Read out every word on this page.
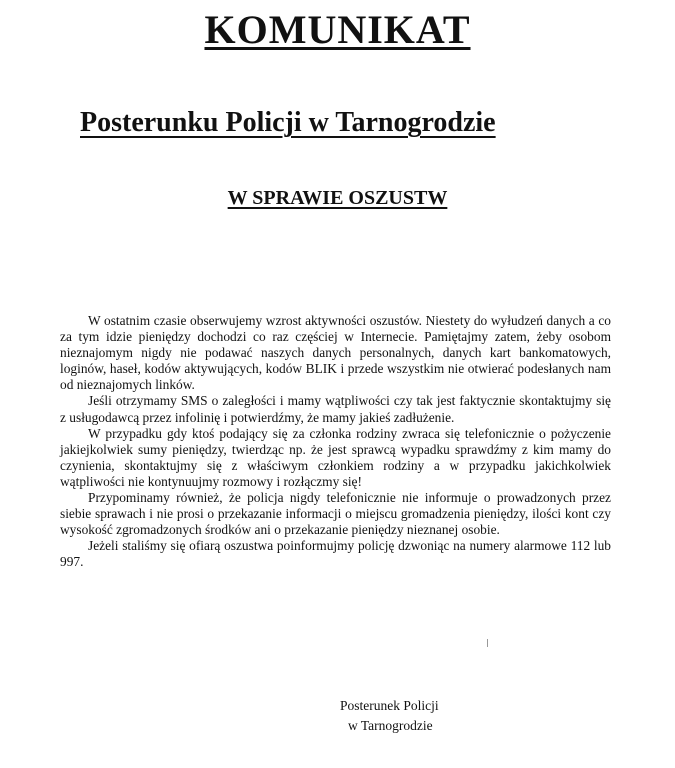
KOMUNIKAT
Posterunku Policji w Tarnogrodzie
W SPRAWIE OSZUSTW

W ostatnim czasie obserwujemy wzrost aktywności oszustów. Niestety do wyłudzeń danych a co za tym idzie pieniędzy dochodzi co raz częściej w Internecie. Pamiętajmy zatem, żeby osobom nieznajomym nigdy nie podawać naszych danych personalnych, danych kart bankomatowych, loginów, haseł, kodów aktywujących, kodów BLIK i przede wszystkim nie otwierać podesłanych nam od nieznajomych linków.

Jeśli otrzymamy SMS o zaległości i mamy wątpliwości czy tak jest faktycznie skontaktujmy się z usługodawcą przez infolinię i potwierdźmy, że mamy jakieś zadłużenie.

W przypadku gdy ktoś podający się za członka rodziny zwraca się telefonicznie o pożyczenie jakiejkolwiek sumy pieniędzy, twierdząc np. że jest sprawcą wypadku sprawdźmy z kim mamy do czynienia, skontaktujmy się z właściwym członkiem rodziny a w przypadku jakichkolwiek wątpliwości nie kontynuujmy rozmowy i rozłączmy się!

Przypominamy również, że policja nigdy telefonicznie nie informuje o prowadzonych przez siebie sprawach i nie prosi o przekazanie informacji o miejscu gromadzenia pieniędzy, ilości kont czy wysokość zgromadzonych środków ani o przekazanie pieniędzy nieznanej osobie.

Jeżeli staliśmy się ofiarą oszustwa poinformujmy policję dzwoniąc na numery alarmowe 112 lub 997.

Posterunek Policji
w Tarnogrodzie
